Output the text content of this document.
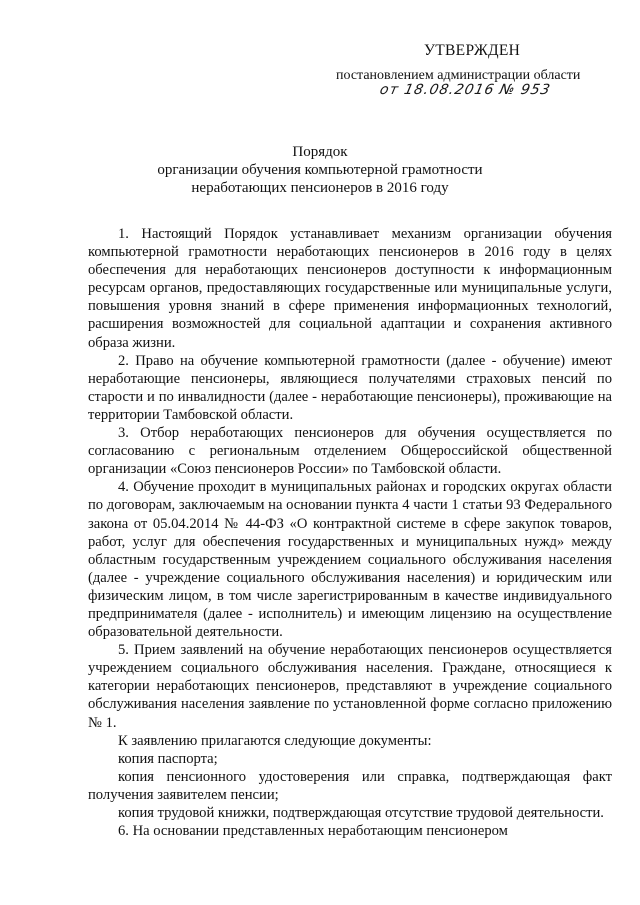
УТВЕРЖДЕН
постановлением администрации области
от 18.08.2016 № 953
Порядок
организации обучения компьютерной грамотности
неработающих пенсионеров в 2016 году

1. Настоящий Порядок устанавливает механизм организации обучения компьютерной грамотности неработающих пенсионеров в 2016 году в целях обеспечения для неработающих пенсионеров доступности к информационным ресурсам органов, предоставляющих государственные или муниципальные услуги, повышения уровня знаний в сфере применения информационных технологий, расширения возможностей для социальной адаптации и сохранения активного образа жизни.

2. Право на обучение компьютерной грамотности (далее - обучение) имеют неработающие пенсионеры, являющиеся получателями страховых пенсий по старости и по инвалидности (далее - неработающие пенсионеры), проживающие на территории Тамбовской области.

3. Отбор неработающих пенсионеров для обучения осуществляется по согласованию с региональным отделением Общероссийской общественной организации «Союз пенсионеров России» по Тамбовской области.

4. Обучение проходит в муниципальных районах и городских округах области по договорам, заключаемым на основании пункта 4 части 1 статьи 93 Федерального закона от 05.04.2014 № 44-ФЗ «О контрактной системе в сфере закупок товаров, работ, услуг для обеспечения государственных и муниципальных нужд» между областным государственным учреждением социального обслуживания населения (далее - учреждение социального обслуживания населения) и юридическим или физическим лицом, в том числе зарегистрированным в качестве индивидуального предпринимателя (далее - исполнитель) и имеющим лицензию на осуществление образовательной деятельности.

5. Прием заявлений на обучение неработающих пенсионеров осуществляется учреждением социального обслуживания населения. Граждане, относящиеся к категории неработающих пенсионеров, представляют в учреждение социального обслуживания населения заявление по установленной форме согласно приложению № 1.

К заявлению прилагаются следующие документы:

копия паспорта;

копия пенсионного удостоверения или справка, подтверждающая факт получения заявителем пенсии;

копия трудовой книжки, подтверждающая отсутствие трудовой деятельности.

6. На основании представленных неработающим пенсионером
